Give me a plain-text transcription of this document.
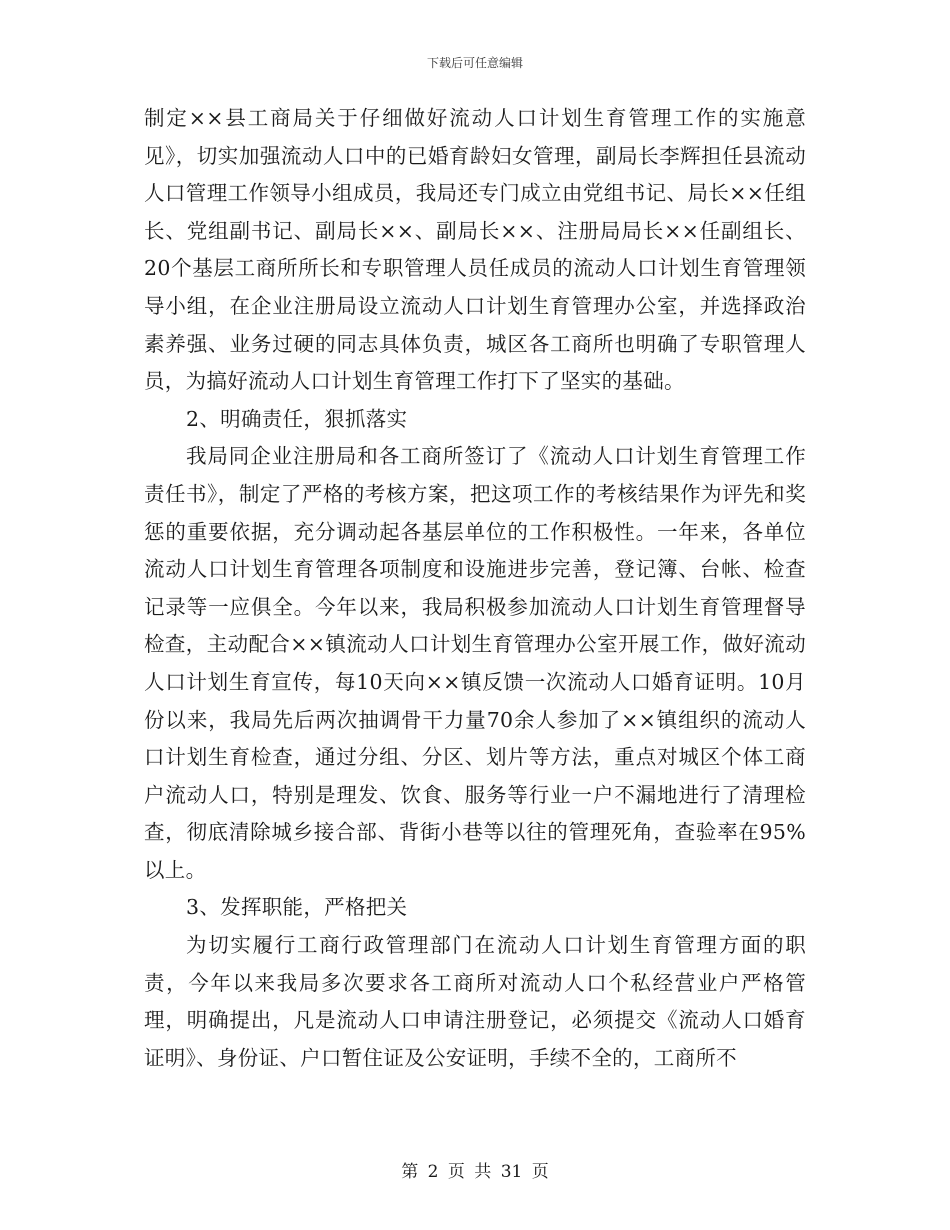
下载后可任意编辑

制定××县工商局关于仔细做好流动人口计划生育管理工作的实施意见》，切实加强流动人口中的已婚育龄妇女管理，副局长李辉担任县流动人口管理工作领导小组成员，我局还专门成立由党组书记、局长××任组长、党组副书记、副局长××、副局长××、注册局局长××任副组长、20个基层工商所所长和专职管理人员任成员的流动人口计划生育管理领导小组，在企业注册局设立流动人口计划生育管理办公室，并选择政治素养强、业务过硬的同志具体负责，城区各工商所也明确了专职管理人员，为搞好流动人口计划生育管理工作打下了坚实的基础。

2、明确责任，狠抓落实

我局同企业注册局和各工商所签订了《流动人口计划生育管理工作责任书》，制定了严格的考核方案，把这项工作的考核结果作为评先和奖惩的重要依据，充分调动起各基层单位的工作积极性。一年来，各单位流动人口计划生育管理各项制度和设施进步完善，登记簿、台帐、检查记录等一应俱全。今年以来，我局积极参加流动人口计划生育管理督导检查，主动配合××镇流动人口计划生育管理办公室开展工作，做好流动人口计划生育宣传，每10天向××镇反馈一次流动人口婚育证明。10月份以来，我局先后两次抽调骨干力量70余人参加了××镇组织的流动人口计划生育检查，通过分组、分区、划片等方法，重点对城区个体工商户流动人口，特别是理发、饮食、服务等行业一户不漏地进行了清理检查，彻底清除城乡接合部、背街小巷等以往的管理死角，查验率在95%以上。

3、发挥职能，严格把关

为切实履行工商行政管理部门在流动人口计划生育管理方面的职责，今年以来我局多次要求各工商所对流动人口个私经营业户严格管理，明确提出，凡是流动人口申请注册登记，必须提交《流动人口婚育证明》、身份证、户口暂住证及公安证明，手续不全的，工商所不

第 2 页 共 31 页
